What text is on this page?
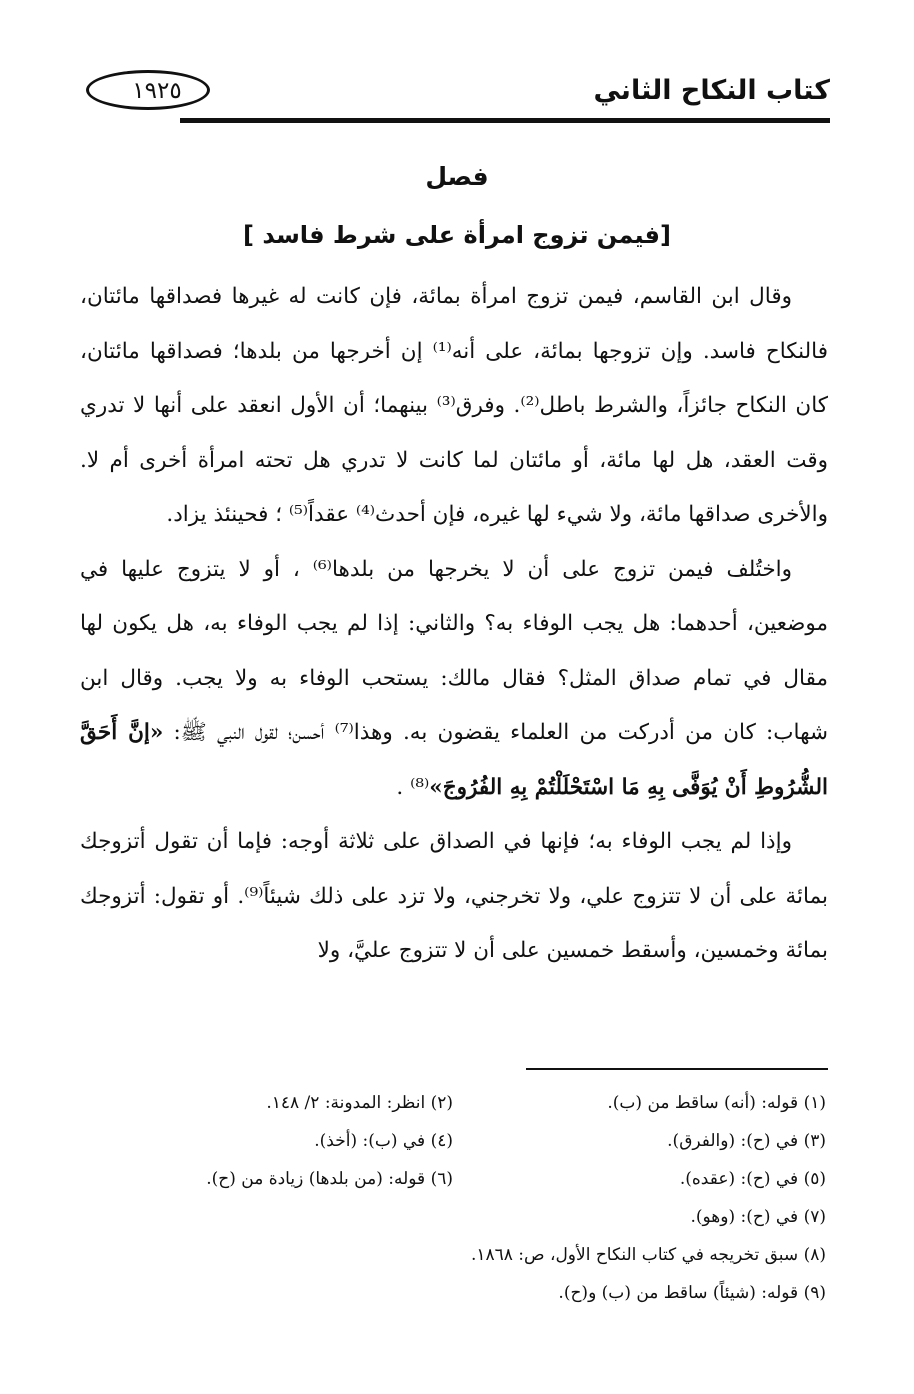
كتاب النكاح الثاني
١٩٢٥
فصل
[فيمن تزوج امرأة على شرط فاسد ]

وقال ابن القاسم، فيمن تزوج امرأة بمائة، فإن كانت له غيرها فصداقها مائتان، فالنكاح فاسد. وإن تزوجها بمائة، على أنه⁽¹⁾ إن أخرجها من بلدها؛ فصداقها مائتان، كان النكاح جائزاً، والشرط باطل⁽²⁾. وفرق⁽³⁾ بينهما؛ أن الأول انعقد على أنها لا تدري وقت العقد، هل لها مائة، أو مائتان لما كانت لا تدري هل تحته امرأة أخرى أم لا. والأخرى صداقها مائة، ولا شيء لها غيره، فإن أحدث⁽⁴⁾ عقداً⁽⁵⁾ ؛ فحينئذ يزاد.

واختُلف فيمن تزوج على أن لا يخرجها من بلدها⁽⁶⁾ ، أو لا يتزوج عليها في موضعين، أحدهما: هل يجب الوفاء به؟ والثاني: إذا لم يجب الوفاء به، هل يكون لها مقال في تمام صداق المثل؟ فقال مالك: يستحب الوفاء به ولا يجب. وقال ابن شهاب: كان من أدركت من العلماء يقضون به. وهذا⁽⁷⁾ أحسن؛ لقول النبي ﷺ: «إنَّ أَحَقَّ الشُّرُوطِ أَنْ يُوَفَّى بِهِ مَا اسْتَحْلَلْتُمْ بِهِ الفُرُوجَ»⁽⁸⁾ .

وإذا لم يجب الوفاء به؛ فإنها في الصداق على ثلاثة أوجه: فإما أن تقول أتزوجك بمائة على أن لا تتزوج علي، ولا تخرجني، ولا تزد على ذلك شيئاً⁽⁹⁾. أو تقول: أتزوجك بمائة وخمسين، وأسقط خمسين على أن لا تتزوج عليَّ، ولا

(١) قوله: (أنه) ساقط من (ب).
(٢) انظر: المدونة: ٢/ ١٤٨.
(٣) في (ح): (والفرق).
(٤) في (ب): (أخذ).
(٥) في (ح): (عقده).
(٦) قوله: (من بلدها) زيادة من (ح).
(٧) في (ح): (وهو).
(٨) سبق تخريجه في كتاب النكاح الأول، ص: ١٨٦٨.
(٩) قوله: (شيئاً) ساقط من (ب) و(ح).
